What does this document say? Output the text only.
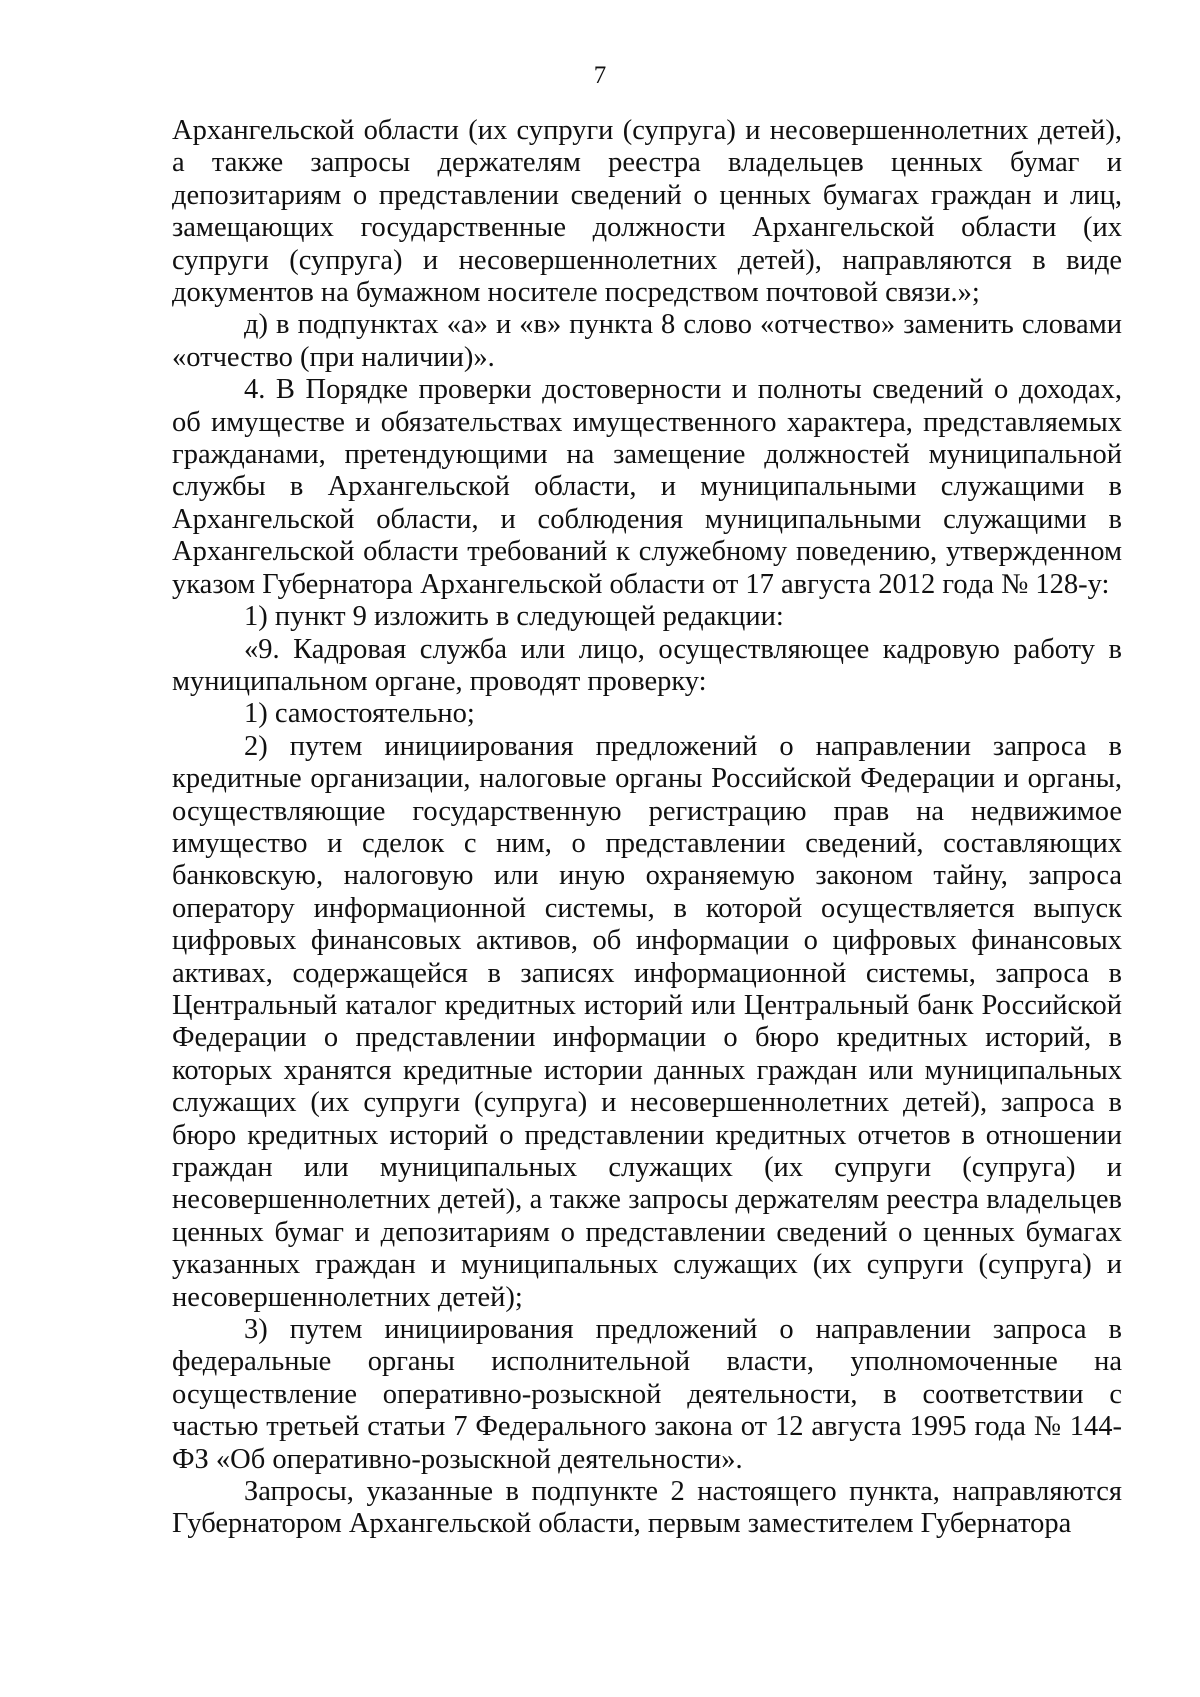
7

Архангельской области (их супруги (супруга) и несовершеннолетних детей), а также запросы держателям реестра владельцев ценных бумаг и депозитариям о представлении сведений о ценных бумагах граждан и лиц, замещающих государственные должности Архангельской области (их супруги (супруга) и несовершеннолетних детей), направляются в виде документов на бумажном носителе посредством почтовой связи.»;

д) в подпунктах «а» и «в» пункта 8 слово «отчество» заменить словами «отчество (при наличии)».

4. В Порядке проверки достоверности и полноты сведений о доходах, об имуществе и обязательствах имущественного характера, представляемых гражданами, претендующими на замещение должностей муниципальной службы в Архангельской области, и муниципальными служащими в Архангельской области, и соблюдения муниципальными служащими в Архангельской области требований к служебному поведению, утвержденном указом Губернатора Архангельской области от 17 августа 2012 года № 128-у:

1) пункт 9 изложить в следующей редакции:

«9. Кадровая служба или лицо, осуществляющее кадровую работу в муниципальном органе, проводят проверку:

1) самостоятельно;

2) путем инициирования предложений о направлении запроса в кредитные организации, налоговые органы Российской Федерации и органы, осуществляющие государственную регистрацию прав на недвижимое имущество и сделок с ним, о представлении сведений, составляющих банковскую, налоговую или иную охраняемую законом тайну, запроса оператору информационной системы, в которой осуществляется выпуск цифровых финансовых активов, об информации о цифровых финансовых активах, содержащейся в записях информационной системы, запроса в Центральный каталог кредитных историй или Центральный банк Российской Федерации о представлении информации о бюро кредитных историй, в которых хранятся кредитные истории данных граждан или муниципальных служащих (их супруги (супруга) и несовершеннолетних детей), запроса в бюро кредитных историй о представлении кредитных отчетов в отношении граждан или муниципальных служащих (их супруги (супруга) и несовершеннолетних детей), а также запросы держателям реестра владельцев ценных бумаг и депозитариям о представлении сведений о ценных бумагах указанных граждан и муниципальных служащих (их супруги (супруга) и несовершеннолетних детей);

3) путем инициирования предложений о направлении запроса в федеральные органы исполнительной власти, уполномоченные на осуществление оперативно-розыскной деятельности, в соответствии с частью третьей статьи 7 Федерального закона от 12 августа 1995 года № 144-ФЗ «Об оперативно-розыскной деятельности».

Запросы, указанные в подпункте 2 настоящего пункта, направляются Губернатором Архангельской области, первым заместителем Губернатора
